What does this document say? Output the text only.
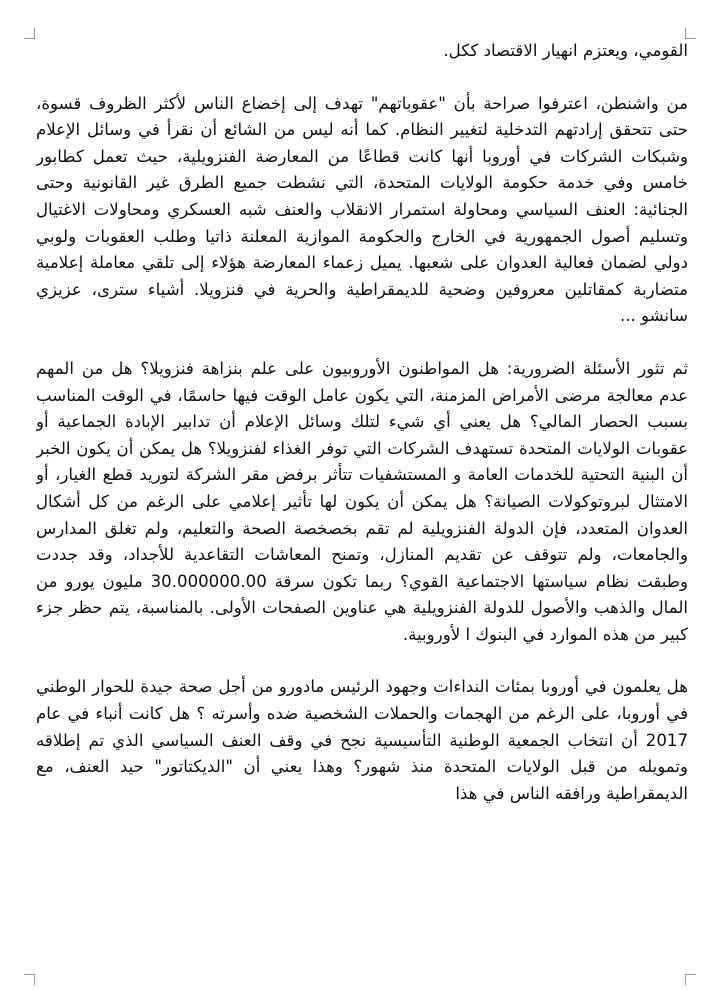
القومي، ويعتزم انهيار الاقتصاد ككل.

من واشنطن، اعترفوا صراحة بأن "عقوباتهم" تهدف إلى إخضاع الناس لأكثر الظروف قسوة، حتى تتحقق إرادتهم التدخلية لتغيير النظام. كما أنه ليس من الشائع أن نقرأ في وسائل الإعلام وشبكات الشركات في أوروبا أنها كانت قطاعًا من المعارضة الفنزويلية، حيث تعمل كطابور خامس وفي خدمة حكومة الولايات المتحدة، التي نشطت جميع الطرق غير القانونية وحتى الجنائية: العنف السياسي ومحاولة استمرار الانقلاب والعنف شبه العسكري ومحاولات الاغتيال وتسليم أصول الجمهورية في الخارج والحكومة الموازية المعلنة ذاتيا وطلب العقوبات ولوبي دولي لضمان فعالية العدوان على شعبها. يميل زعماء المعارضة هؤلاء إلى تلقي معاملة إعلامية متضاربة كمقاتلين معروفين وضحية للديمقراطية والحرية في فنزويلا. أشياء سترى، عزيزي سانشو ...

ثم تثور الأسئلة الضرورية: هل المواطنون الأوروبيون على علم بنزاهة فنزويلا؟ هل من المهم عدم معالجة مرضى الأمراض المزمنة، التي يكون عامل الوقت فيها حاسمًا، في الوقت المناسب بسبب الحصار المالي؟ هل يعني أي شيء لتلك وسائل الإعلام أن تدابير الإبادة الجماعية أو عقوبات الولايات المتحدة تستهدف الشركات التي توفر الغذاء لفنزويلا؟ هل يمكن أن يكون الخبر أن البنية التحتية للخدمات العامة و المستشفيات تتأثر برفض مقر الشركة لتوريد قطع الغيار، أو الامتثال لبروتوكولات الصيانة؟ هل يمكن أن يكون لها تأثير إعلامي على الرغم من كل أشكال العدوان المتعدد، فإن الدولة الفنزويلية لم تقم بخصخصة الصحة والتعليم، ولم تغلق المدارس والجامعات، ولم تتوقف عن تقديم المنازل، وتمنح المعاشات التقاعدية للأجداد، وقد جددت وطبقت نظام سياستها الاجتماعية القوي؟ ربما تكون سرقة 30.000000.00 مليون يورو من المال والذهب والأصول للدولة الفنزويلية هي عناوين الصفحات الأولى. بالمناسبة، يتم حظر جزء كبير من هذه الموارد في البنوك ا لأوروبية.

هل يعلمون في أوروبا بمئات النداءات وجهود الرئيس مادورو من أجل صحة جيدة للحوار الوطني في أوروبا، على الرغم من الهجمات والحملات الشخصية ضده وأسرته ؟ هل كانت أنباء في عام 2017 أن انتخاب الجمعية الوطنية التأسيسية نجح في وقف العنف السياسي الذي تم إطلاقه وتمويله من قبل الولايات المتحدة منذ شهور؟ وهذا يعني أن "الديكتاتور" حيد العنف، مع الديمقراطية ورافقه الناس في هذا
